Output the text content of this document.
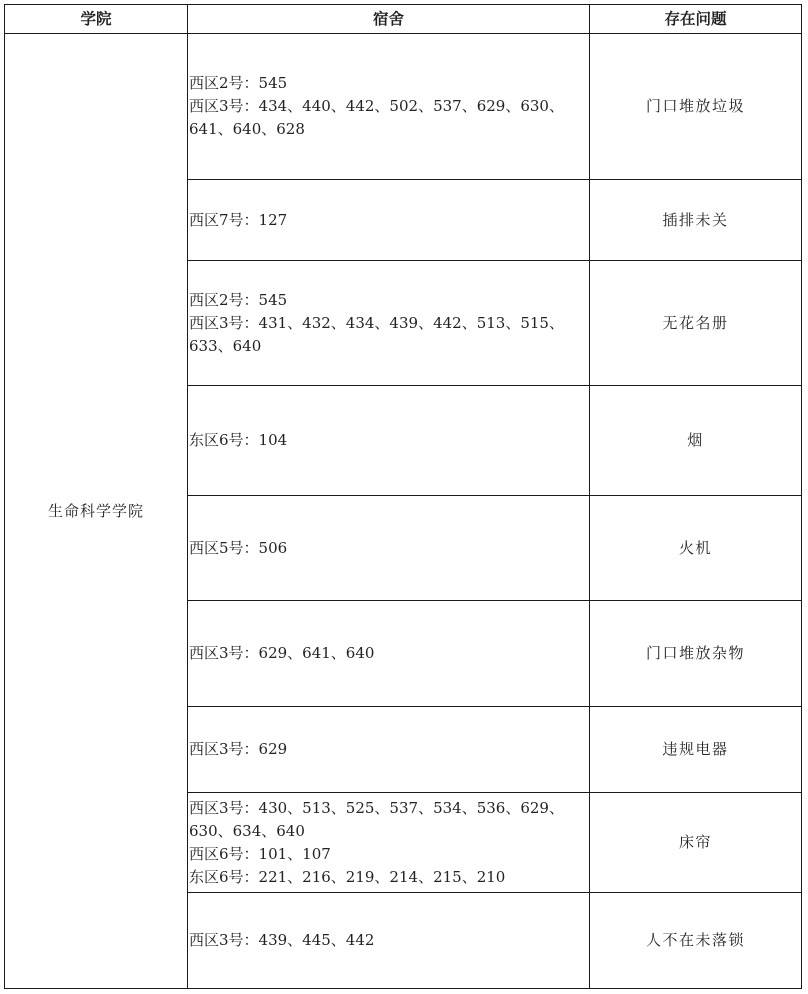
学院	宿舍	存在问题
生命科学学院	西区2号：545
西区3号：434、440、442、502、537、629、630、641、640、628	门口堆放垃圾

	西区7号：127	插排未关

	西区2号：545
西区3号：431、432、434、439、442、513、515、633、640	无花名册

	东区6号：104	烟

	西区5号：506	火机

	西区3号：629、641、640	门口堆放杂物

	西区3号：629	违规电器

	西区3号：430、513、525、537、534、536、629、630、634、640
西区6号：101、107
东区6号：221、216、219、214、215、210	床帘

	西区3号：439、445、442	人不在未落锁
